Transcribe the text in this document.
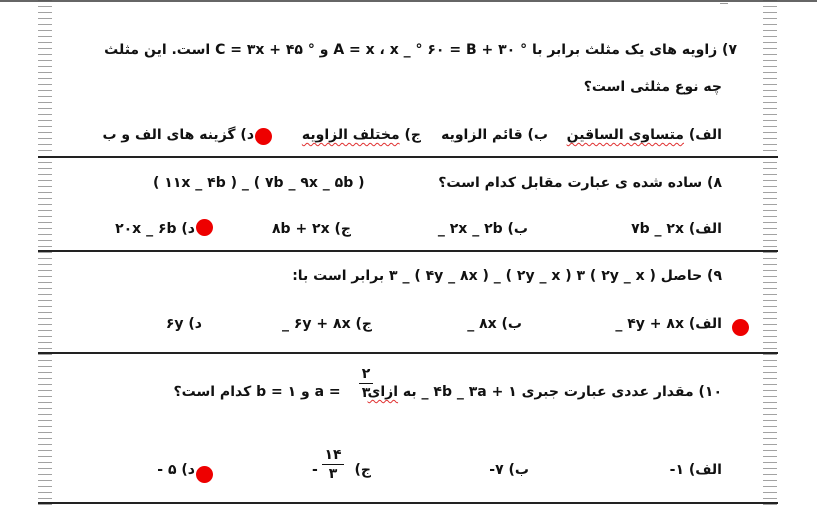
۷) زاویه های یک مثلث برابر با ° ۳۰ + A = x ، x _ ° ۶۰ = B و ° ۴۵ + C = ۳x است. این مثلث
چه نوع مثلثی است؟
الف) متساوی الساقین
ب) قائم الزاویه
ج) مختلف الزاویه
د) گزینه های الف و ب
۸) ساده شده ی عبارت مقابل کدام است؟
( ۷b _ ۹x _ ۵b ) _ ( ۱۱x _ ۴b )
الف) ۷b _ ۲x
ب) ۲x _ ۲b _
ج) ۸b + ۲x
د) ۲۰x _ ۶b
۹) حاصل ( ۲y _ x ) ۳ _ ( ۴y _ ۸x ) _ ( ۲y _ x ) ۳ برابر است با:
الف) ۴y + ۸x _
ب) ۸x _
ج) ۶y + ۸x _
د) ۶y
۱۰) مقدار عددی عبارت جبری ۱ + ۴b _ ۳a _ به ازای = a و ۱ = b کدام است؟
۲
۳
الف) ۱-
ب) ۷-
ج)
۱۴
۳
-
د) ۵ -
